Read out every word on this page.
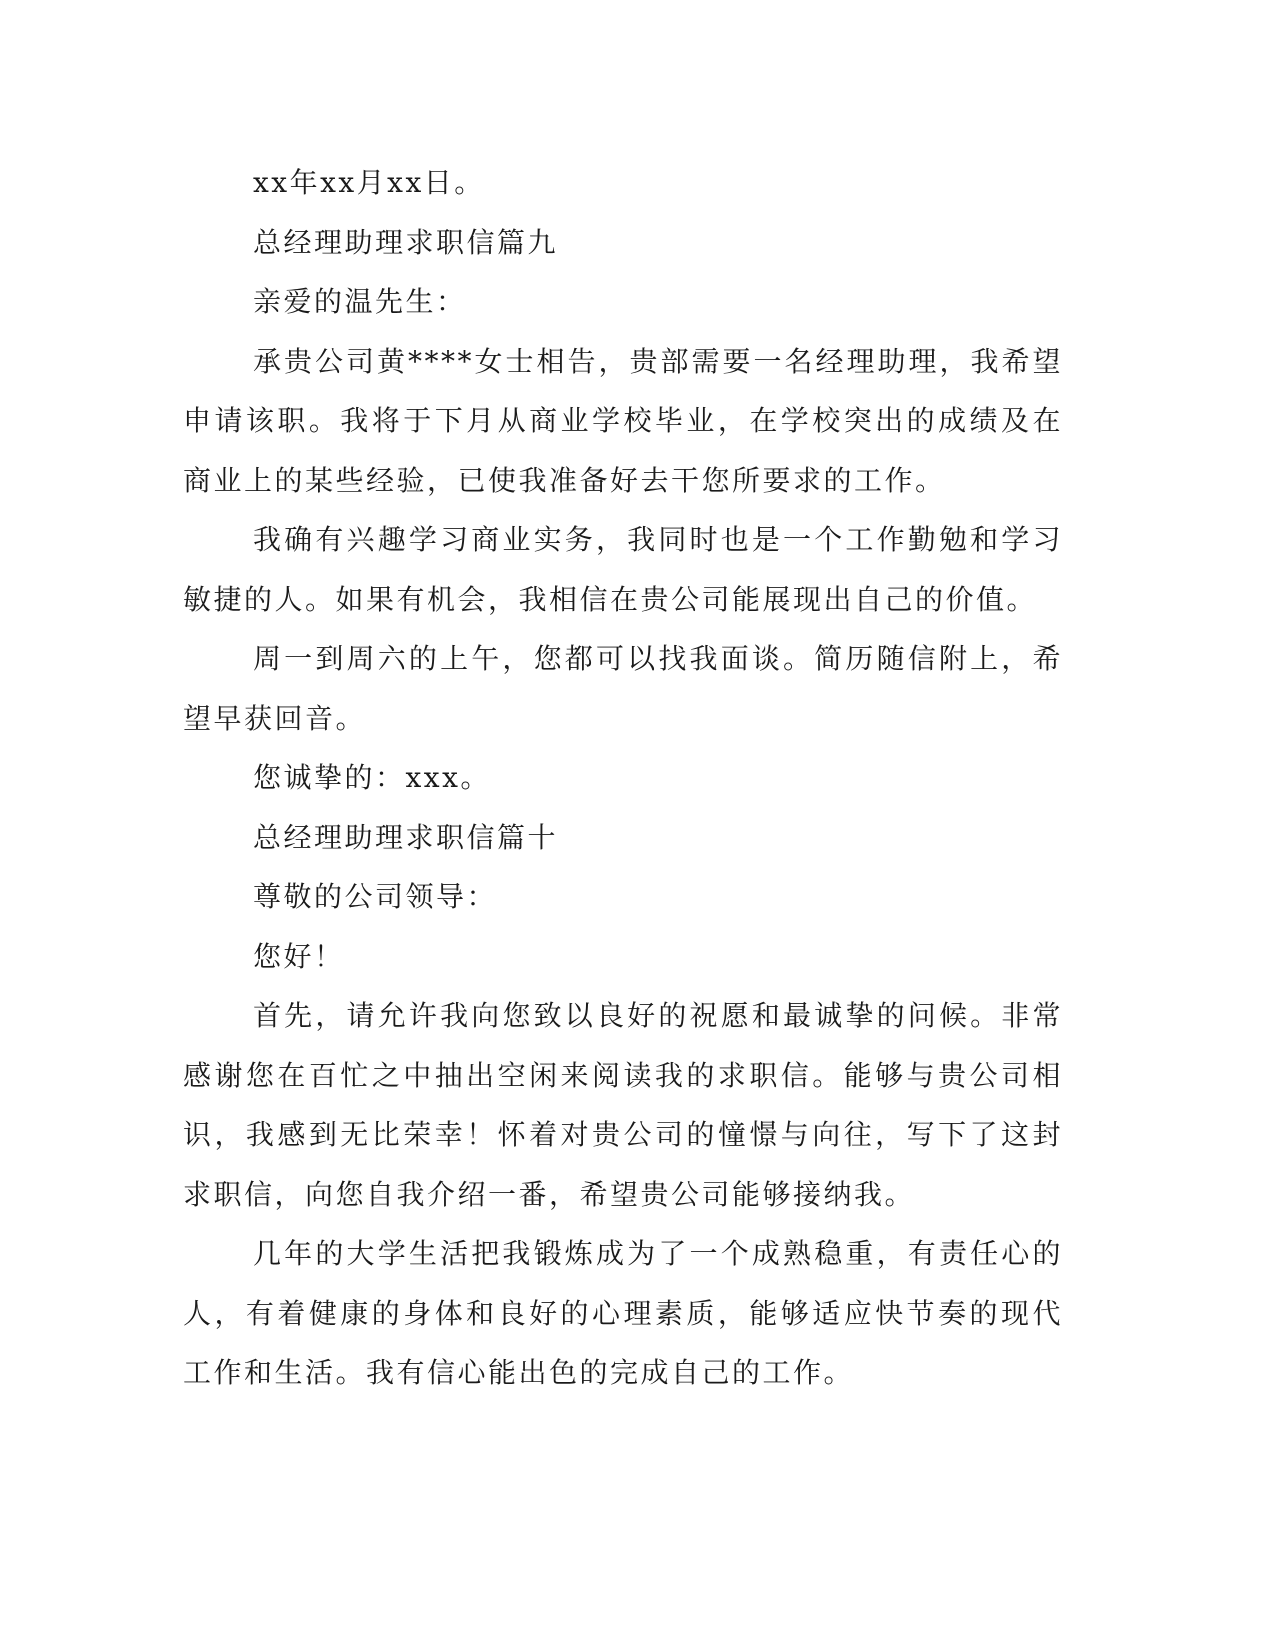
xx年xx月xx日。

总经理助理求职信篇九

亲爱的温先生：

承贵公司黄****女士相告，贵部需要一名经理助理，我希望申请该职。我将于下月从商业学校毕业，在学校突出的成绩及在商业上的某些经验，已使我准备好去干您所要求的工作。

我确有兴趣学习商业实务，我同时也是一个工作勤勉和学习敏捷的人。如果有机会，我相信在贵公司能展现出自己的价值。

周一到周六的上午，您都可以找我面谈。简历随信附上，希望早获回音。

您诚挚的：xxx。

总经理助理求职信篇十

尊敬的公司领导：

您好！

首先，请允许我向您致以良好的祝愿和最诚挚的问候。非常感谢您在百忙之中抽出空闲来阅读我的求职信。能够与贵公司相识，我感到无比荣幸！怀着对贵公司的憧憬与向往，写下了这封求职信，向您自我介绍一番，希望贵公司能够接纳我。

几年的大学生活把我锻炼成为了一个成熟稳重，有责任心的人，有着健康的身体和良好的心理素质，能够适应快节奏的现代工作和生活。我有信心能出色的完成自己的工作。
